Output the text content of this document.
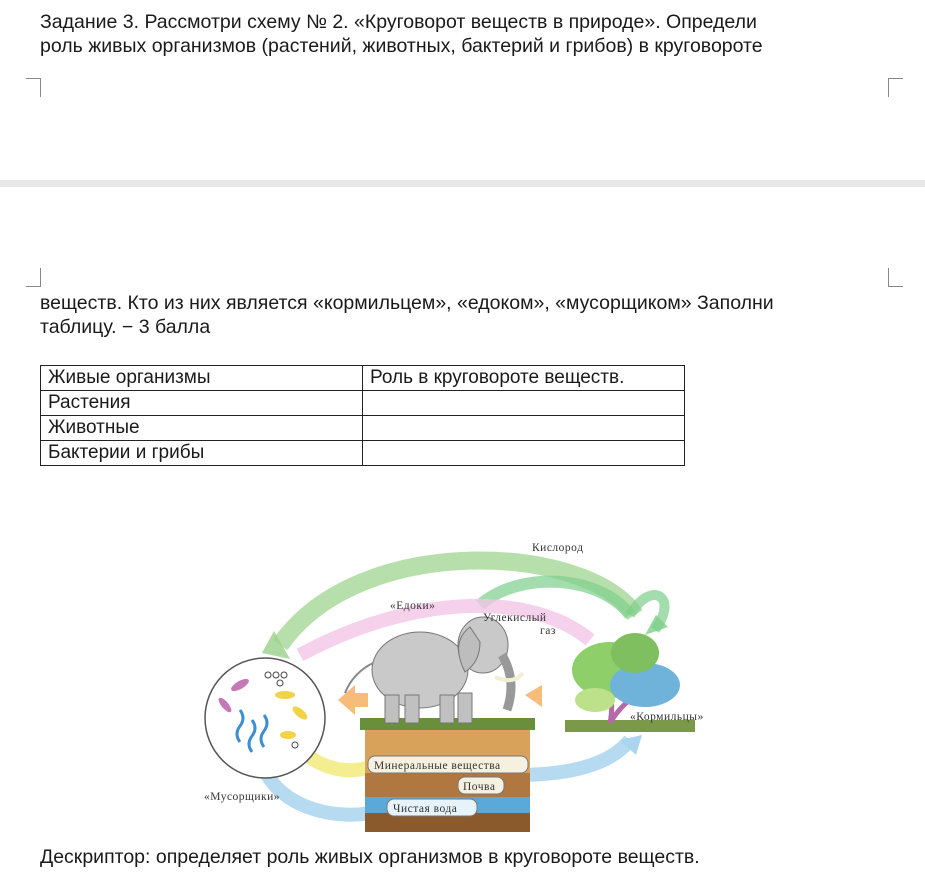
Задание 3. Рассмотри схему № 2. «Круговорот веществ в природе». Определи
роль живых организмов (растений, животных, бактерий и грибов) в круговороте
веществ. Кто из них является «кормильцем», «едоком», «мусорщиком» Заполни
таблицу. − 3 балла
Живые организмы	Роль в круговороте веществ.
Растения	
Животные	
Бактерии и грибы	
Кислород
«Едоки»
Углекислый
газ
«Кормильцы»
«Мусорщики»
Минеральные вещества
Почва
Чистая вода
Дескриптор: определяет роль живых организмов в круговороте веществ.
